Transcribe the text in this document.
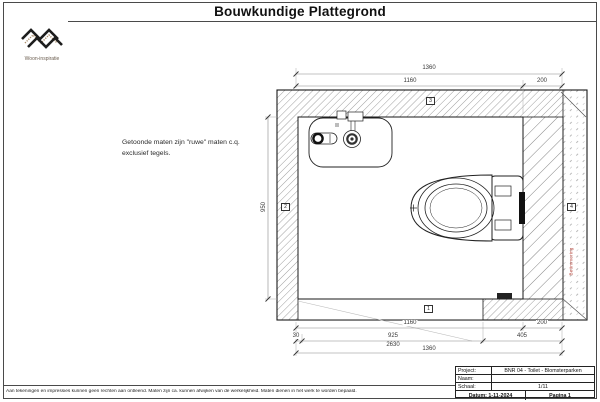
Bouwkundige Plattegrond
Woon-inspiratie
Getoonde maten zijn "ruwe" maten c.q.
exclusief tegels.
1360
1160	200
950
1160	200
30	925	405
2630
1360
3
2	4
1
Betimmering
Aan tekeningen en impressies kunnen geen rechten aan ontleend. Maten zijn ca. kunnen afwijken van de werkelijkheid. Maten dienen in het werk te worden bepaald.
Project:	BNR 04 - Toilet - Blomsterparken
Naam:
Schaal:	1/11
Datum: 1-11-2024	Pagina 1
